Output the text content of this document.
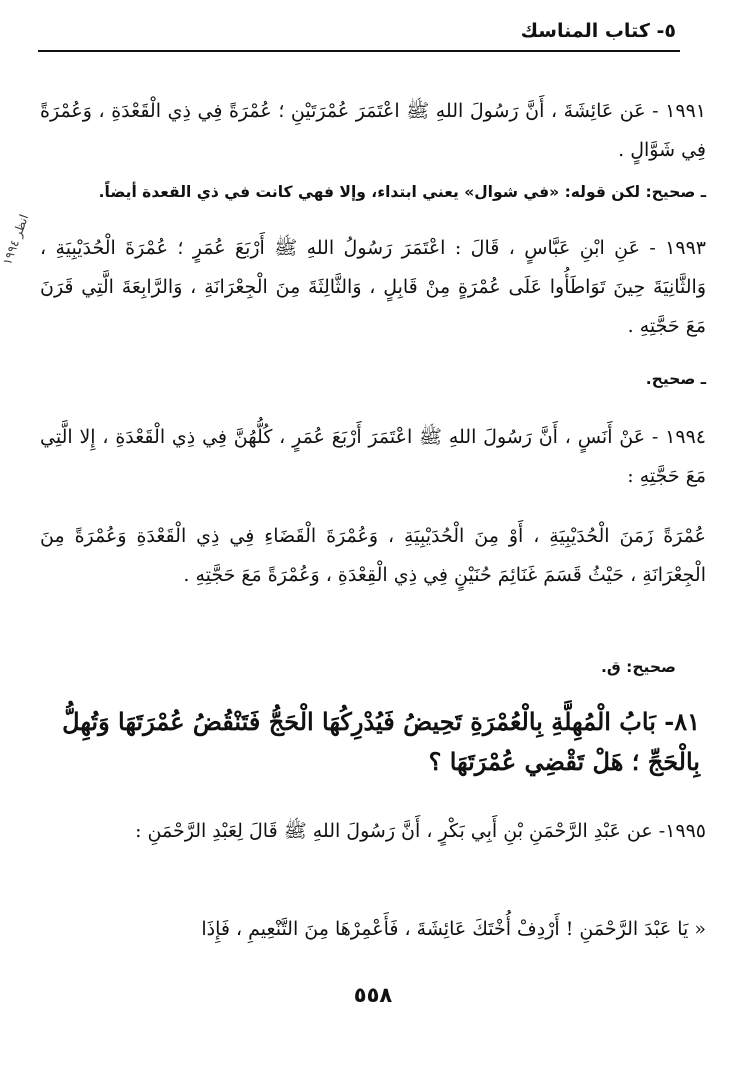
٥- كتاب المناسك
انظر ١٩٩٤
١٩٩١ - عَن عَائِشَةَ ، أَنَّ رَسُولَ اللهِ ﷺ اعْتَمَرَ عُمْرَتَيْنِ ؛ عُمْرَةً فِي ذِي الْقَعْدَةِ ، وَعُمْرَةً فِي شَوَّالٍ .
ـ صحيح: لكن قوله: «في شوال» يعني ابتداء، وإلا فهي كانت في ذي القعدة أيضاً.
١٩٩٣ - عَنِ ابْنِ عَبَّاسٍ ، قَالَ : اعْتَمَرَ رَسُولُ اللهِ ﷺ أَرْبَعَ عُمَرٍ ؛ عُمْرَةَ الْحُدَيْبِيَةِ ، وَالثَّانِيَةَ حِينَ تَوَاطَأُوا عَلَى عُمْرَةٍ مِنْ قَابِلٍ ، وَالثَّالِثَةَ مِنَ الْجِعْرَانَةِ ، وَالرَّابِعَةَ الَّتِي قَرَنَ مَعَ حَجَّتِهِ .
ـ صحيح.
١٩٩٤ - عَنْ أَنَسٍ ، أَنَّ رَسُولَ اللهِ ﷺ اعْتَمَرَ أَرْبَعَ عُمَرٍ ، كُلُّهُنَّ فِي ذِي الْقَعْدَةِ ، إِلا الَّتِي مَعَ حَجَّتِهِ :
عُمْرَةً زَمَنَ الْحُدَيْبِيَةِ ، أَوْ مِنَ الْحُدَيْبِيَةِ ، وَعُمْرَةَ الْقَضَاءِ فِي ذِي الْقَعْدَةِ وَعُمْرَةً مِنَ الْجِعْرَانَةِ ، حَيْثُ قَسَمَ غَنَائِمَ حُنَيْنٍ فِي ذِي الْقِعْدَةِ ، وَعُمْرَةً مَعَ حَجَّتِهِ .
صحيح: ق.
٨١- بَابُ الْمُهِلَّةِ بِالْعُمْرَةِ تَحِيضُ فَيُدْرِكُهَا الْحَجُّ فَتَنْقُضُ عُمْرَتَهَا وَتُهِلُّ بِالْحَجِّ ؛ هَلْ تَقْضِي عُمْرَتَهَا ؟
١٩٩٥- عن عَبْدِ الرَّحْمَنِ بْنِ أَبِي بَكْرٍ ، أَنَّ رَسُولَ اللهِ ﷺ قَالَ لِعَبْدِ الرَّحْمَنِ :
« يَا عَبْدَ الرَّحْمَنِ ! أَرْدِفْ أُخْتَكَ عَائِشَةَ ، فَأَعْمِرْهَا مِنَ التَّنْعِيمِ ، فَإِذَا
٥٥٨
